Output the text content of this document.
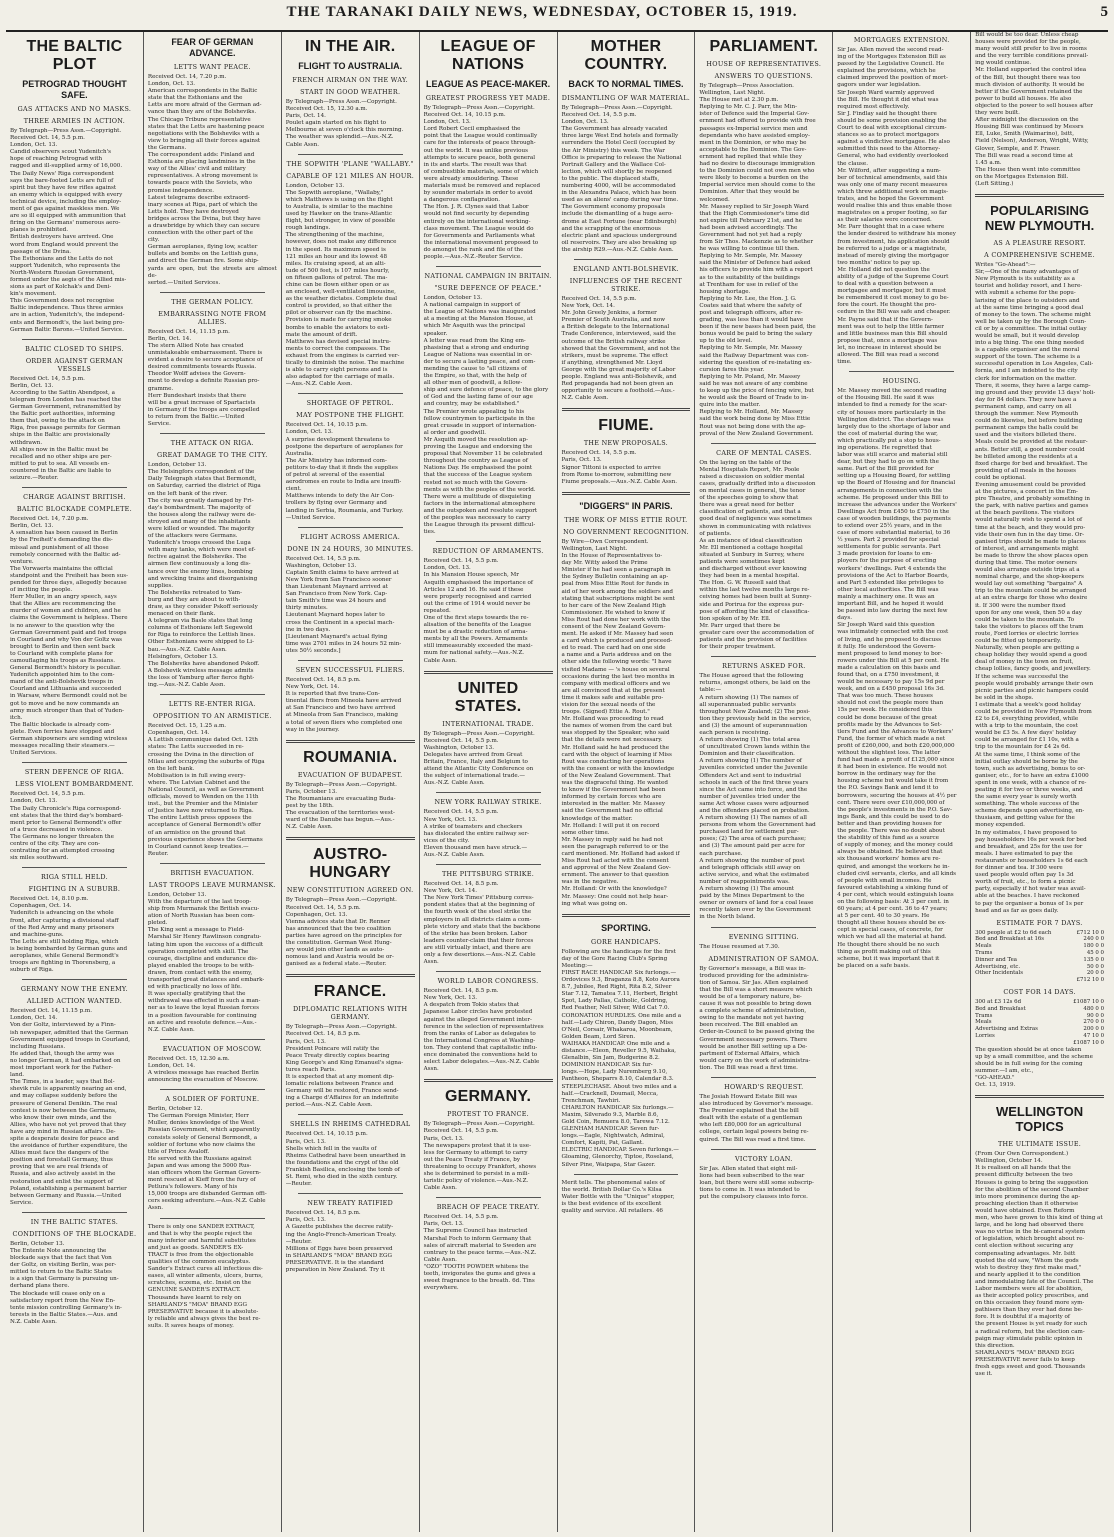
THE TARANAKI DAILY NEWS, WEDNESDAY, OCTOBER 15, 1919.	5
THE BALTIC PLOT
PETROGRAD THOUGHT SAFE.
GAS ATTACKS AND NO MASKS.
THREE ARMIES IN ACTION.
By Telegraph—Press Assn.—Copyright.
Received Oct. 14, 5.5 p.m.
London, Oct. 13.
Candid observers scout Yudenitch's
hope of reaching Petrograd with
ragged and ill-supplied army of 16,000.
The Daily News' Riga correspondent
says the bare-footed Letts are full of
spirit but they have few rifles against
an enemy which is equipped with every
technical device, including the employ-
ment of gas against maskless men. We
are so ill equipped with ammunition that
firing on the Germans' numerous aero-
planes is prohibited.
British destroyers have arrived. One
word from England would prevent the
passage of the Dvina.
The Esthonians and the Letts do not
support Yudenitch, who represents the
North-Western Russian Government,
formed under the aegis of the Allied mis-
sions as part of Kolchak's and Deni-
kin's movement.
This Government does not recognise
Baltic independence. Thus three armies
are in action, Yudenitch's, the independ-
ents and Bermondt's, the last being pro-
German Baltic Barons.—United Service.
BALTIC CLOSED TO SHIPS.
ORDER AGAINST GERMAN VESSELS
Received Oct. 14, 5.5 p.m.
Berlin, Oct. 13.
According to the Sattin Abendpost, a
telegram from London has reached the
German Government, retransmitted by
the Baltic port authorities, informing
them that, owing to the attack on
Riga, free passage permits for German
ships in the Baltic are provisionally
withdrawn.
All ships now in the Baltic must be
recalled and no other ships are per-
mitted to put to sea. All vessels en-
countered in the Baltic are liable to
seizure.—Reuter.
CHARGE AGAINST BRITISH.
BALTIC BLOCKADE COMPLETE.
Received Oct. 14, 7.20 p.m.
Berlin, Oct. 13.
A sensation has been caused in Berlin
by the Freiheit's demanding the dis-
missal and punishment of all those
remotely concerned with the Baltic ad-
venture.
The Vorwaerts maintains the official
standpoint and the Freiheit has been sus-
pended for three days, allegedly because
of inciting the people.
Herr Muller, in an angry speech, says
that the Allies are recommencing the
murder of women and children, and he
claims the Government is helpless. There
is no answer to the question why the
German Government paid and fed troops
in Courland and why Von der Goltz was
brought to Berlin and then sent back
to Courland with complete plans for
camouflaging his troops as Russians.
General Bermondt's history is peculiar.
Yudenitch appointed him to the com-
mand of the anti-Bolshevik troops in
Courland and Lithuania and succeeded
in Warsaw, where Bermondt could not be
got to move and he now commands an
army much stronger than that of Yuden-
itch.
The Baltic blockade is already com-
plete. Even ferries have stopped and
German shipowners are sending wireless
messages recalling their steamers.—
United Services.
STERN DEFENCE OF RIGA.
LESS VIOLENT BOMBARDMENT.
Received Oct. 14, 5.5 p.m.
London, Oct. 13.
The Daily Chronicle's Riga correspond-
ent states that the third day's bombard-
ment prior to General Bermondt's offer
of a truce decreased in violence.
The Germans no longer threaten the
centre of the city. They are con-
centrating for an attempted crossing
six miles southward.
RIGA STILL HELD.
FIGHTING IN A SUBURB.
Received Oct. 14, 8.10 p.m.
Copenhagen, Oct. 14.
Yudenitch is advancing on the whole
front, after capturing a divisional staff
of the Red Army and many prisoners
and machine-guns.
The Letts are still holding Riga, which
is being bombarded by German guns and
aeroplanes, while General Bermondt's
troops are fighting in Thorensberg, a
suburb of Riga.
GERMANY NOW THE ENEMY.
ALLIED ACTION WANTED.
Received Oct. 14, 11.15 p.m.
London, Oct. 14.
Von der Goltz, interviewed by a Finn-
ish newspaper, admitted that the German
Government equipped troops in Courland,
including Russians.
He added that, though the army was
no longer German, it had embarked on
most important work for the Father-
land.
The Times, in a leader, says that Bol-
shevik rule is apparently nearing an end,
and may collapse suddenly before the
pressure of General Denikin. The real
contest is now between the Germans,
who know their own minds, and the
Allies, who have not yet proved that they
have any mind in Russian affairs. De-
spite a desperate desire for peace and
the avoidance of further expenditure, the
Allies must face the dangers of the
position and forestall Germany, thus
proving that we are real friends of
Russia, and also actively assist in the
restoration and enlist the support of
Poland, establishing a permanent barrier
between Germany and Russia.—United
Service.
IN THE BALTIC STATES.
CONDITIONS OF THE BLOCKADE.
Berlin, October 13.
The Entente Note announcing the
blockade says that the fact that Von
der Goltz, on visiting Berlin, was per-
mitted to return to the Baltic States
is a sign that Germany is pursuing un-
derhand plans there.
The blockade will cease only on a
satisfactory report from the New En-
tente mission controlling Germany's in-
terests in the Baltic States.—Aus. and
N.Z. Cable Assn.
FEAR OF GERMAN ADVANCE.
LETTS WANT PEACE.
Received Oct. 14, 7.20 p.m.
London, Oct. 13.
American correspondents in the Baltic
state that the Esthonians and the
Letts are more afraid of the German ad-
vance than they are of the Bolsheviks.
The Chicago Tribune representative
states that the Letts are hastening peace
negotiations with the Bolsheviks with a
view to bringing all their forces against
the Germans.
The correspondent adds: Finland and
Esthonia are placing landmines in the
way of the Allies' civil and military
representatives. A strong movement is
towards peace with the Soviets, who
promise independence.
Latest telegrams describe extraord-
inary scenes at Riga, part of which the
Letts hold. They have destroyed
bridges across the Dvina, but they have
a drawbridge by which they can secure
connection with the other part of the
city.
German aeroplanes, flying low, scatter
bullets and bombs on the Lettish guns,
and direct the German fire. Some ship-
yards are open, but the streets are almost de-
serted.—United Services.
THE GERMAN POLICY.
EMBARRASSING NOTE FROM ALLIES.
Received Oct. 14, 11.15 p.m.
Berlin, Oct. 14.
The stern Allied Note has created
unmistakeable embarrassment. There is
evident a desire to secure acceptance of
desired commitments towards Russia.
Theodor Wolff advises the Govern-
ment to develop a definite Russian pro-
gramme.
Herr Bundeshart insists that there
will be a great increase of Spartacists
in Germany if the troops are compelled
to return from the Baltic.—United
Service.
THE ATTACK ON RIGA.
GREAT DAMAGE TO THE CITY.
London, October 13.
The Helsingfors correspondent of the
Daily Telegraph states that Bermondt,
on Saturday, carried the district of Riga
on the left bank of the river.
The city was greatly damaged by Fri-
day's bombardment. The majority of
the houses along the railway were de-
stroyed and many of the inhabitants
were killed or wounded. The majority
of the attackers were Germans.
Yudenitch's troops crossed the Luga
with many tanks, which were most ef-
fective against the Bolsheviks. The
airmen flew continuously a long dis-
tance over the enemy lines, bombing
and wrecking trains and disorganising
supplies.
The Bolsheviks retreated to Yam-
burg and they are about to with-
draw, as they consider Pskoff seriously
menaced on their flank.
A telegram via Basle states that long
columns of Esthonians left Segewold
for Riga to reinforce the Lettish lines.
Other Esthonians were shipped to Li-
bau.—Aus.-N.Z. Cable Assn.
Helsingfors, October 13.
The Bolsheviks have abandoned Pskoff.
A Bolshevik wireless message admits
the loss of Yamburg after fierce fight-
ing.—Aus.-N.Z. Cable Assn.
LETTS RE-ENTER RIGA.
OPPOSITION TO AN ARMISTICE.
Received Oct. 15, 1.25 a.m.
Copenhagen, Oct. 14.
A Lettish communique dated Oct. 12th
states: The Letts succeeded in re-
crossing the Dvina in the direction of
Milau and occupying the suburbs of Riga
on the left bank.
Mobilisation is in full swing every-
where. The Latvian Cabinet and the
National Council, as well as Government
officials, moved to Wenden on the 11th
inst., but the Premier and the Minister
of Justice have now returned to Riga.
The entire Lettish press opposes the
acceptance of General Bermondt's offer
of an armistice on the ground that
previous experience shows the Germans
in Courland cannot keep treaties.—
Reuter.
BRITISH EVACUATION.
LAST TROOPS LEAVE MURMANSK.
London, October 13.
With the departure of the last troop-
ship from Murmansk the British evacu-
ation of North Russian has been com-
pleted.
The King sent a message to Field-
Marshal Sir Henry Rawlinson congratu-
lating him upon the success of a difficult
operation completed with skill. The
courage, discipline and endurance dis-
played enabled the troops to be with-
drawn, from contact with the enemy,
transported great distances and embark-
ed with practically no loss of life.
It was specially gratifying that the
withdrawal was effected in such a man-
ner as to leave the loyal Russian forces
in a position favourable for continuing
an active and resolute defence.—Aus.-
N.Z. Cable Assn.
EVACUATION OF MOSCOW.
Received Oct. 15, 12.30 a.m.
London, Oct. 14.
A wireless message has reached Berlin
announcing the evacuation of Moscow.
A SOLDIER OF FORTUNE.
Berlin, October 12.
The German Foreign Minister, Herr
Muller, denies knowledge of the West
Russian Government, which apparently
consists solely of General Bermondt, a
soldier of fortune who now claims the
title of Prince Avaloff.
He served with the Russians against
Japan and was among the 5000 Rus-
sian officers whom the German Govern-
ment rescued at Kieff from the fury of
Petlura's followers. Many of his
15,000 troops are disbanded German offi-
cers seeking adventure.—Aus.-N.Z. Cable
Assn.
There is only one SANDER EXTRACT,
and that is why the people reject the
many inferior and harmful substitutes
and just as goods. SANDER'S EX-
TRACT is free from the objectionable
qualities of the common eucalyptus.
Sander's Extract cures all infectious dis-
eases, all winter ailments, ulcers, burns,
scratches, eczema, etc. Insist on the
GENUINE SANDER'S EXTRACT.
Thousands have learnt to rely on
SHARLAND'S "MOA" BRAND EGG
PRESERVATIVE because it is absolute-
ly reliable and always gives the best re-
sults. It saves heaps of money.
IN THE AIR.
FLIGHT TO AUSTRALIA.
FRENCH AIRMAN ON THE WAY.
START IN GOOD WEATHER.
By Telegraph—Press Assn.—Copyright.
Received Oct. 15, 12.30 a.m.
Paris, Oct. 14.
Poulet again started on his flight to
Melbourne at seven o'clock this morning.
The weather was splendid.—Aus.-N.Z.
Cable Assn.
THE SOPWITH 'PLANE "WALLABY."
CAPABLE OF 121 MILES AN HOUR.
London, October 13.
The Sopwith aeroplane, "Wallaby,"
which Matthews is using on the flight
to Australia, is similar to the machine
used by Hawker on the trans-Atlantic
flight, but stronger, in view of possible
rough landings.
The strengthening of the machine,
however, does not make any difference
in the speed. Its maximum speed is
121 miles an hour and its lowest 48
miles. Its cruising speed, at an alti-
tude of 500 feet, is 107 miles hourly,
on fifteen gallons of petrol. The ma-
chine can be flown either open or as
an enclosed, well-ventilated limousine,
as the weather dictates. Complete dual
control is provided, so that either the
pilot or observer can fly the machine.
Provision is made for carrying smoke
bombs to enable the aviators to esti-
mate the amount of drift.
Matthews has devised special instru-
ments to correct the compasses. The
exhaust from the engines is carried ver-
tically to diminish the noise. The machine
is able to carry eight persons and is
also adapted for the carriage of mails.
—Aus.-N.Z. Cable Assn.
SHORTAGE OF PETROL.
MAY POSTPONE THE FLIGHT.
Received Oct. 14, 10.15 p.m.
London, Oct. 13.
A surprise development threatens to
postpone the departure of aeroplanes for
Australia.
The Air Ministry has informed com-
petitors to-day that it finds the supplies
of petrol at several of the essential
aerodromes en route to India are insuffi-
cient.
Matthews intends to defy the Air Con-
trollers by flying over Germany and
landing in Serbia, Roumania, and Turkey.
—United Service.
FLIGHT ACROSS AMERICA.
DONE IN 24 HOURS, 30 MINUTES.
Received Oct. 14, 5.5 p.m.
Washington, October 13.
Captain Smith claims to have arrived at
New York from San Francisco sooner
than Lieutenant Maynard arrived at
San Francisco from New York. Cap-
tain Smith's time was 24 hours and
thirty minutes.
Lieutenant Maynard hopes later to
cross the Continent in a special mach-
ine in two days.
[Lieutenant Maynard's actual flying
time was 2701 miles in 24 hours 52 min-
utes 50½ seconds.]
SEVEN SUCCESSFUL FLIERS.
Received Oct. 14, 8.5 p.m.
New York, Oct. 14.
It is reported that five trans-Con-
tinental fliers from Mineola have arrived
at San Francisco and two have arrived
at Mineola from San Francisco, making
a total of seven fliers who completed one
way in the journey.
ROUMANIA.
EVACUATION OF BUDAPEST.
By Telegraph—Press Assn.—Copyright.
Paris, October 13.
The Roumanians are evacuating Buda-
pest by the 18th.
The evacuation of the territories west-
ward of the Danube has begun.—Aus.-
N.Z. Cable Assn.
AUSTRO-HUNGARY
NEW CONSTITUTION AGREED ON.
By Telegraph—Press Assn.—Copyright.
Received Oct. 14, 5.5 p.m.
Copenhagen, Oct. 13.
Vienna advices state that Dr. Renner
has announced that the two coalition
parties have agreed on the principles for
the constitution. German West Hung-
ary would join other lands as auto-
nomous land and Austria would be or-
ganised as a federal state.—Reuter.
FRANCE.
DIPLOMATIC RELATIONS WITH GERMANY.
By Telegraph—Press Assn.—Copyright.
Received Oct. 14, 8.5 p.m.
Paris, Oct. 13.
President Poincare will ratify the
Peace Treaty directly copies bearing
King George's and King Emanuel's signa-
tures reach Paris.
It is expected that at any moment dip-
lomatic relations between France and
Germany will be restored, France send-
ing a Charge d'Affaires for an indefinite
period.—Aus.-N.Z. Cable Assn.
SHELLS IN RHEIMS CATHEDRAL
Received Oct. 14, 10.15 p.m.
Paris, Oct. 13.
Shells which fell in the vaults of
Rheims Cathedral have been unearthed in
the foundations and the crypt of the old
Frankish Basilica, enclosing the tomb of
St. Remi, who died in the sixth century.
—Reuter.
NEW TREATY RATIFIED
Received Oct. 14, 8.5 p.m.
Paris, Oct. 13.
A Gazette publishes the decree ratify-
ing the Anglo-French-American Treaty.
—Reuter.
Millions of Eggs have been preserved
in SHARLAND'S "MOA" BRAND EGG
PRESERVATIVE. It is the standard
preparation in New Zealand. Try it
LEAGUE OF NATIONS
LEAGUE AS PEACE-MAKER.
GREATEST PROGRESS YET MADE.
By Telegraph—Press Assn.—Copyright.
Received Oct. 14, 10.15 p.m.
London, Oct. 13.
Lord Robert Cecil emphasised the
point that the League would continually
care for the interests of peace through-
out the world. It was unlike previous
attempts to secure peace, both general
in its and starts. The result was that
of combustible materials, some of which
were already smouldering. These
materials must be removed and replaced
by sounder materials in order to avoid
a dangerous conflagration.
The Hon. J. R. Clynes said that Labor
would not find security by depending
entirely on the international working-
class movement. The League would do
for Governments and Parliaments what
the international movement proposed to
do amongst the rank and file of the
people.—Aus.-N.Z.-Reuter Service.
NATIONAL CAMPAIGN IN BRITAIN.
"SURE DEFENCE OF PEACE."
London, October 13.
A national campaign in support of
the League of Nations was inaugurated
at a meeting at the Mansion House, at
which Mr Asquith was the principal
speaker.
A letter was read from the King em-
phasising that a strong and enduring
League of Nations was essential in or-
der to secure a lasting peace, and com-
mending the cause to "all citizens of
the Empire, so that, with the help of
all other men of goodwill, a fellow-
ship and sure defence of peace, to the glory
of God and the lasting fame of our age
and country, may be established."
The Premier wrote appealing to his
fellow countrymen to participate in the
great crusade in support of internation-
al order and goodwill.
Mr Asquith moved the resolution ap-
proving the League and endorsing the
proposal that November 11 be celebrated
throughout the country as League of
Nations Day. He emphasised the point
that the success of the League system
rested not so much with the Govern-
ments as with the peoples of the world.
There were a multitude of disquieting
factors in the international atmosphere
and the outspoken and resolute support
of the peoples was necessary to carry
the League through its present difficul-
ties.
REDUCTION OF ARMAMENTS.
Received Oct. 14, 5.5 p.m.
London, Oct. 13.
In his Mansion House speech, Mr
Asquith emphasised the importance of
Articles 12 and 16. He said if these
were properly recognised and carried
out the crime of 1914 would never be
repeated.
One of the first steps towards the re-
alisation of the benefits of the League
must be a drastic reduction of arma-
ments by all the Powers. Armaments
still immeasurably exceeded the maxi-
mum for national safety.—Aus.-N.Z.
Cable Assn.
UNITED STATES.
INTERNATIONAL TRADE.
By Telegraph—Press Assn.—Copyright.
Received Oct. 14, 5.5 p.m.
Washington, October 13.
Delegates have arrived from Great
Britain, France, Italy and Belgium to
attend the Atlantic City Conference on
the subject of international trade.—
Aus.-N.Z. Cable Assn.
NEW YORK RAILWAY STRIKE.
Received Oct. 14, 5.5 p.m.
New York, Oct. 13.
A strike of teamsters and checkers
has dislocated the entire railway ser-
vices of the city.
Eleven thousand men have struck.—
Aus.-N.Z. Cable Assn.
THE PITTSBURG STRIKE.
Received Oct. 14, 8.5 p.m.
New York, Oct. 14.
The New York Times' Pittsburg corres-
pondent states that at the beginning of
the fourth week of the steel strike the
employers in all districts claim a com-
plete victory and state that the backbone
of the strike has been broken. Labor
leaders counter-claim that their forces
are still virtually intact, and there are
only a few desertions.—Aus.-N.Z. Cable
Assn.
WORLD LABOR CONGRESS.
Received Oct. 14, 8.5 p.m.
New York, Oct. 13.
A despatch from Tokio states that
Japanese Labor circles have protested
against the alleged Government inter-
ference in the selection of representatives
from the ranks of Labor as delegates to
the International Congress at Washing-
ton. They contend that capitalistic influ-
ence dominated the conventions held to
select Labor delegates.—Aus.-N.Z. Cable
Assn.
GERMANY.
PROTEST TO FRANCE.
By Telegraph—Press Assn.—Copyright.
Received Oct. 14, 5.5 p.m.
Paris, Oct. 13.
The newspapers protest that it is use-
less for Germany to attempt to carry
out the Peace Treaty if France, by
threatening to occupy Frankfort, shows
she is determined to persist in a mili-
taristic policy of violence.—Aus.-N.Z.
Cable Assn.
BREACH OF PEACE TREATY.
Received Oct. 14, 5.5 p.m.
Paris, Oct. 13.
The Supreme Council has instructed
Marshal Foch to inform Germany that
sales of aircraft material to Sweden are
contrary to the peace terms.—Aus.-N.Z.
Cable Assn.
"OZO" TOOTH POWDER whitens the
teeth, invigorates the gums and gives a
sweet fragrance to the breath. 6d. Tins
everywhere.
MOTHER COUNTRY.
BACK TO NORMAL TIMES.
DISMANTLING OF WAR MATERIAL.
By Telegraph—Press Assn.—Copyright.
Received Oct. 14, 5.5 p.m.
London, Oct. 13.
The Government has already vacated
three large West End hotels and formally
surrenders the Hotel Cecil (occupied by
the Air Ministry) this week. The War
Office is preparing to release the National
Portrait Gallery and the Wallace Col-
lection, which will shortly be reopened
to the public. The displaced staffs,
numbering 4000, will be accommodated
in the Alexandra Palace, which has been
used as an aliens' camp during war time.
The Government economy proposals
include the dismantling of a huge aero-
drome at East Fortune (near Edinburgh)
and the scrapping of the enormous
electric plant and spacious underground
oil reservoirs. They are also breaking up
the airship R29.—Aus.-N.Z. Cable Assn.
ENGLAND ANTI-BOLSHEVIK.
INFLUENCES OF THE RECENT STRIKE.
Received Oct. 14, 5.5 p.m.
New York, Oct. 14.
Mr. John Greely Jenkins, a former
Premier of South Australia, and now
a British delegate to the International
Trade Conference, interviewed, said the
outcome of the British railway strike
showed that the Government, and not the
strikers, must be supreme. The effect
if anything, strengthened Mr. Lloyd
George with the great majority of Labor
people. England was anti-Bolshevik, and
Red propaganda had not been given an
opportunity to secure a foothold.—Aus.-
N.Z. Cable Assn.
FIUME.
THE NEW PROPOSALS.
Received Oct. 14, 5.5 p.m.
Paris, Oct. 13.
Signor Tittoni is expected to arrive
from Rome to-morrow, submitting new
Fiume proposals.—Aus.-N.Z. Cable Assn.
"DIGGERS" IN PARIS.
THE WORK OF MISS ETTIE ROUT.
NO GOVERNMENT RECOGNITION.
By Wire—Own Correspondent.
Wellington, Last Night.
In the House of Representatives to-
day Mr. Witty asked the Prime
Minister if he had seen a paragraph in
the Sydney Bulletin containing an ap-
peal from Miss Ettie Rout for funds in
aid of her work among the soldiers and
stating that subscriptions might be sent
to her care of the New Zealand High
Commissioner. He wished to know if
Miss Rout had done her work with the
consent of the New Zealand Govern-
ment. He asked if Mr. Massey had seen
a card which is produced and proceed-
ed to read. The card had on one side
a name and a Paris address and on the
other side the following words: "I have
visited Madame — 's house on several
occasions during the last two months in
company with medical officers and we
are all convinced that at the present
time it makes safe and suitable pro-
vision for the sexual needs of the
troops. (Signed) Ettie A. Rout."
Mr. Holland was proceeding to read
the names of women from the card but
was stopped by the Speaker, who said
that the details were not necessary.
Mr. Holland said he had produced the
card with the object of learning if Miss
Rout was conducting her operations
with the consent or with the knowledge
of the New Zealand Government. That
was the disgraceful thing. He wanted
to know if the Government had been
informed by certain forces who are
interested in the matter. Mr. Massey
said the Government had no official
knowledge of the matter.
Mr. Holland: I will put it on record
some other time.
Mr. Massey in reply said he had not
seen the paragraph referred to or the
card mentioned. Mr. Holland had asked if
Miss Rout had acted with the consent
and approval of the New Zealand Gov-
ernment. The answer to that question
was in the negative.
Mr. Holland: Or with the knowledge?
Mr. Massey: One could not help hear-
ing what was going on.
SPORTING.
GORE HANDICAPS.
Following are the handicaps for the first
day of the Gore Racing Club's Spring
Meeting:—
FIRST RACE HANDICAP. Six furlongs.—
Ordovices 9.3, Braganza 8.8, Koto Aurora
8.7, Jubilee, Red Right, Rita 8.2, Silver
Star 7.12, Tamatea 7.11, Herbert, Bright
Spot, Lady Pallas, Catholic, Goldring,
Red Feather, Nell Silver, Wild Cat 7.0.
CORONATION HURDLES. One mile and a
half.—Lady Chiron, Dandy Dagon, Miss
O'Neil, Corsair, Whakaroa, Moonbeam,
Golden Beam, Lord Siren.
WAIHAKA HANDICAP. One mile and a
distance.—Eleon, Reveller 9.5, Waihaka,
Glenalbin, Sin Jam, Budgerine 8.2.
DOMINION HANDICAP. Six fur-
longs.—Hope, Lady Nuremberg 9.10,
Pantheon, Sheparrs 8.10, Calendar 8.3.
STEEPLECHASE. About two miles and a
half.—Cracknell, Doumail, Mecca,
Trenchman, Tawhiri.
CHARLTON HANDICAP. Six furlongs.—
Maxim, Silverado 9.3, Marble 8.6,
Gold Coin, Remuera 8.0, Tarewa 7.12.
GLENHAM HANDICAP. Seven fur-
longs.—Eagle, Nightwatch, Admiral,
Comfort, Kapiti, Pat, Gallant.
ELECTRIC HANDICAP. Seven furlongs.—
Gloaming, Glenorchy, Tiptoe, Roseland,
Silver Pine, Waipapa, Star Gazer.
Merit tells. The phenomenal sales of
the world. British Dollar Co.'s Kilsa
Water Bottle with the "Unique" stopper,
is the best evidence of its excellent
quality and service. All retailers. 46
PARLIAMENT.
HOUSE OF REPRESENTATIVES.
ANSWERS TO QUESTIONS.
By Telegraph—Press Association.
Wellington, Last Night.
The House met at 2.30 p.m.
Replying to Mr. C. J. Parr, the Min-
ister of Defence said the Imperial Gov-
ernment had offered to provide with free
passages ex-Imperial service men and
dependants who have assisted employ-
ment in the Dominion, or who may be
acceptable to the Dominion. The Gov-
ernment had replied that while they
had no desire to discourage immigration
to the Dominion could not own men who
were likely to become a burden on the
Imperial service men should come to the
Dominion. After that they would be
welcomed.
Mr. Massey replied to Sir Joseph Ward
that the High Commissioner's time did
not expire till February 21st, and he
had been advised accordingly. The
Government had not yet had a reply
from Sir Thos. Mackenzie as to whether
he was willing to continue till then.
Replying to Mr. Semple, Mr. Massey
said the Minister of Defence had asked
his officers to provide him with a report
as to the suitability of the buildings
at Trentham for use in relief of the
housing shortage.
Replying to Mr. Lee, the Hon. J. G.
Coates said that where the safety of
post and telegraph officers, after re-
grading, was less than it would have
been if the new bases had been paid, the
bonus would be paid to bring the salary
up to the old level.
Replying to Mr. Semple, Mr. Massey
said the Railway Department was con-
sidering the question of re-instating ex-
cursion fares this year.
Replying to Mr. Poland, Mr. Massey
said he was not aware of any combine
to keep up the price of fencing wire, but
he would ask the Board of Trade to in-
quire into the matter.
Replying to Mr. Holland, Mr. Massey
said the work being done by Miss Ettie
Rout was not being done with the ap-
proval of the New Zealand Government.
CARE OF MENTAL CASES.
On the laying on the table of the
Mental Hospitals Report, Mr. Poole
raised a discussion on soldier mental
cases, gradually drifted into a discussion
on mental cases in general, the tenor
of the speeches going to show that
there was a great need for better
classification of patients, and that a
good deal of negligence was sometimes
shown in communicating with relatives
of patients.
As an instance of ideal classification
Mr. Ell mentioned a cottage hospital
situated at Sunbury in Surrey, where
patients were sometimes kept
and discharged without ever knowing
they had been in a mental hospital.
The Hon. G. W. Russell said that
within the last twelve months large re-
ceiving homes had been built at Sunny-
side and Porirua for the express pur-
pose of affording the kind of classifica-
tion spoken of by Mr. Ell.
Mr. Parr urged that there be
greater care over the accommodation of
patients and the provision of facilities
for their proper treatment.
RETURNS ASKED FOR.
The House agreed that the following
returns, amongst others, be laid on the
table:—
A return showing (1) The names of
all superannuated public servants
throughout New Zealand; (2) The posi-
tion they previously held in the service,
and (3) the amount of superannuation
each person is receiving.
A return showing (1) The total area
of uncultivated Crown lands within the
Dominion and their classification.
A return showing (1) The number of
juveniles convicted under the Juvenile
Offenders Act and sent to industrial
schools in each of the first three years
since the Act came into force, and the
number of juveniles tried under the
same Act whose cases were adjourned
and the offenders placed on probation.
A return showing (1) The names of all
persons from whom the Government had
purchased land for settlement pur-
poses; (2) The area of each purchase;
and (3) The amount paid per acre for
each purchase.
A return showing the number of post
and telegraph officials still away on
active service, and what the estimated
number of reappointments was.
A return showing (1) The amount
paid by the Mines Department to the
owner or owners of land for a coal lease
recently taken over by the Government
in the North Island.
EVENING SITTING.
The House resumed at 7.30.
ADMINISTRATION OF SAMOA.
By Governor's message, a Bill was in-
troduced providing for the administra-
tion of Samoa. Sir Jas. Allen explained
that the Bill was a short measure which
would be of a temporary nature, be-
cause it was not possible to bring down
a complete scheme of administration,
owing to the mandate not yet having
been received. The Bill enabled an
Order-in-Council to be passed giving the
Government necessary powers. There
would be another Bill setting up a De-
partment of External Affairs, which
would carry on the work of administra-
tion. The Bill was read a first time.
HOWARD'S REQUEST.
The Josiah Howard Estate Bill was
also introduced by Governor's message.
The Premier explained that the bill
dealt with the estate of a gentleman
who left £80,000 for an agricultural
college, certain legal powers being re-
quired. The Bill was read a first time.
VICTORY LOAN.
Sir Jas. Allen stated that eight mil-
lions had been subscribed to the war
loan, but there were still some subscrip-
tions to come in. It was intended to
put the compulsory clauses into force.
MORTGAGES EXTENSION.
Sir Jas. Allen moved the second read-
ing of the Mortgages Extension Bill as
passed by the Legislative Council. He
explained the provisions, which he
claimed improved the position of mort-
gagors under war legislation.
Sir Joseph Ward warmly approved
the Bill. He thought it did what was
required most effectively.
Sir J. Findlay said he thought there
should be some provision enabling the
Court to deal with exceptional circum-
stances so as to protect mortgagors
against a vindictive mortgagee. He also
submitted this need to the Attorney-
General, who had evidently overlooked
the clause.
Mr. Wilford, after suggesting a num-
ber of technical amendments, said this
was only one of many recent measures
which threw additional work on magis-
trates, and he hoped the Government
would realise this and thus enable those
magistrates on a proper footing, so far
as their salaries were concerned.
Mr. Parr thought that in a case where
the lender desired to withdraw his money
from investment, his application should
be referred to a judge or a magistrate,
instead of merely giving the mortgagor
two months' notice to pay up.
Mr. Holland did not question the
ability of a judge of the Supreme Court
to deal with a question between a
mortgagee and mortgagor, but it must
be remembered it cost money to go be-
fore the court. He thought the pro-
cedure in the Bill was safe and cheaper.
Mr. Payne said that if the Govern-
ment was out to help the little farmer
and little business man this Bill should
propose that, once a mortgage was
let, no increase in interest should be
allowed. The Bill was read a second
time.
HOUSING.
Mr. Massey moved the second reading
of the Housing Bill. He said it was
intended to find a remedy for the scar-
city of houses more particularly in the
Wellington district. The shortage was
largely due to the shortage of labor and
the cost of material during the war,
which practically put a stop to hous-
ing operations. He regretted that
labor was still scarce and material still
dear, but they had to go on with the
same. Part of the Bill provided for
setting up a Housing Board, for settling
up the Board of Housing and for financial
arrangements in connection with the
scheme. He proposed under this Bill to
increase the advances under the Workers'
Dwellings Act from £450 to £750 in the
case of wooden buildings, the payments
to extend over 25½ years, and in the
case of more substantial material, to 36
½ years. Part 2 provided for special
settlements for public servants. Part
3 made provision for loans to em-
ployers for the purpose of erecting
workers' dwellings. Part 4 extends the
provisions of the Act to Harbor Boards,
and Part 5 extended like privileges to
other local authorities. The Bill was
mainly a machinery one. It was an
important Bill, and he hoped it would
be passed into law during the next few
days.
Sir Joseph Ward said this question
was intimately connected with the cost
of living, and he proposed to discuss
it fully. He understood the Govern-
ment proposed to lend money to bor-
rowers under this Bill at 5 per cent. He
made a calculation on this basis and
found that, on a £750 investment, it
would be necessary to pay 15s 9d per
week, and on a £450 proposal 16s 3d.
That was too much. These houses
should not cost the people more than
15s per week. He considered this
could be done because of the great
profits made by the Advances to Set-
tlers Fund and the Advances to Workers'
Fund, the former of which made a net
profit of £260,000, and both £20,000,000
without the slightest loss. The latter
fund had made a profit of £125,000 since
it had been in existence. He would not
borrow in the ordinary way for the
housing scheme but would take it from
the P.O. Savings Bank and lend it to
borrowers, securing the houses at 4½ per
cent. There were over £10,000,000 of
the people's investments in the P.O. Sav-
ings Bank, and this could be used to do
better and than providing houses for
the people. There was no doubt about
the stability of this fund as a source
of supply of money, and the money could
always be obtained. He believed that
six thousand workers' homes are re-
quired, and amongst the workers he in-
cluded civil servants, clerks, and all kinds
of people with small incomes. He
favoured establishing a sinking fund of
4 per cent, which would extinguish loans
on the following basis: At 3 per cent. in
60 years; at 4 per cent. 36 to 47 years;
at 5 per cent. 40 to 30 years. He
thought all these houses should be ex-
cept in special cases, of concrete, for
which we had all the material at hand.
He thought there should be no such
thing as profit making out of this
scheme, but it was important that it
be placed on a safe basis.
Bill would be too dear. Unless cheap
houses were provided for the people,
many would still prefer to live in rooms
and the very terrible conditions prevail-
ing would continue.
Mr. Holland supported the control idea
of the Bill, but thought there was too
much division of authority. It would be
better if the Government retained the
power to build all houses. He also
objected to the power to sell houses after
they were built.
After midnight the discussion on the
Housing Bill was continued by Messrs
Ell, Luke, Smith (Waimarino), Isitt,
Field (Nelson), Anderson, Wright, Witty,
Glover, Semple, and F. Fraser.
The Bill was read a second time at
1.45 a.m.
The House then went into committee
on the Mortgages Extension Bill.
(Left Sitting.)
POPULARISING NEW PLYMOUTH.
AS A PLEASURE RESORT.
A COMPREHENSIVE SCHEME.
Writes "Go-Ahead":—
Sir,—One of the many advantages of
New Plymouth is its suitability as a
tourist and holiday resort, and I here-
with submit a scheme for the popu-
larising of the place to outsiders and
at the same time bringing a good deal
of money to the town. The scheme might
well be taken up by the Borough Coun-
cil or by a committee. The initial outlay
would be small, but it would develop
into a big thing. The one thing needed
is a capable organiser and the moral
support of the town. The scheme is a
successful operation in Los Angeles, Cali-
fornia, and I am indebted to the city
clerk for information on the matter.
There, it seems, they have a large camp-
ing ground and they provide 13 days' holi-
day for 84 dollars. They now have a
permanent camp, and carry on all
through the summer. New Plymouth
could do likewise, but before building
permanent camps the halls could be
used and the visitors billeted there.
Meals could be provided at the restaur-
ants. Better still, a good number could
be billeted among the residents at a
fixed charge for bed and breakfast. The
providing of all meals in the houses
could be optional.
Evening amusement could be provided
at the pictures, a concert in the Em-
pire Theatre, and probably something in
the park, with native parties and games
at the beach pavilions. The visitors
would naturally wish to spend a lot of
time at the beach, and they would pro-
vide their own fun in the day time. Or-
ganised trips should be made to places
of interest, and arrangements might
be made to throw the show places open
during that time. The motor owners
would also arrange outside trips at a
nominal charge, and the shop-keepers
would lay out something "bargains" A
trip to the mountain could be arranged
at an extra charge for those who desire
it. If 300 were the number fixed
upon for any one week, then 50 a day
could be taken to the mountain. To
take the visitors to places off the tram
route, Ford lorries or electric lorries
could be fitted up temporarily.
Naturally, when people are getting a
cheap holiday they would spend a good
deal of money in the town on fruit,
cheap lollies, fancy goods, and jewellery.
If the scheme was successful the
people would probably arrange their own
picnic parties and picnic hampers could
be sold in the shops.
I estimate that a week's good holiday
could be provided in New Plymouth from
£2 to £4, everything provided, while
with a trip to the mountain, the cost
would be £3 5s. A few days' holiday
could be arranged for £1 10s, with a
trip to the mountain for £4 2s 6d.
At the same time, I think some of the
initial outlay should be borne by the
town, such as advertising, bonus to or-
ganiser, etc., for to have an extra £1000
spent in one week, with a chance of re-
peating it for two or three weeks, and
the same every year is surely worth
something. The whole success of the
scheme depends upon advertising, en-
thusiasm, and getting value for the
money expended.
In my estimates, I have proposed to
pay householders 16s per week for bed
and breakfast, and 25s for the use for
meals. I have estimated to pay the
restaurants or householders 1s 6d each
for dinner and tea. If 300 were
used people would often pay 1s 3d
worth of fruit, etc., to form a picnic
party, especially if hot water was avail-
able at the beaches. I have reckoned
to pay the organiser a bonus of 1s per
head and as far as goes daily.
ESTIMATE FOR 7 DAYS.
300 people at £2 to 6d each	£712 10 0
Bed and Breakfast at 16s	240 0 0
Meals	180 0 0
Trams	45 0 0
Dinner and Tea	135 0 0
Advertising, etc.	50 0 0
Other Incidentals	20 0 0
£712 10 0
COST FOR 14 DAYS.
300 at £3 12s 6d	£1087 10 0
Bed and Breakfast	480 0 0
Trams	90 0 0
Meals	270 0 0
Advertising and Extras	200 0 0
Lorries	47 10 0
£1087 10 0
The question should be at once taken
up by a small committee, and the scheme
should be in full swing for the coming
summer.—I am, etc.,
"GO-AHEAD."
Oct. 13, 1919.
WELLINGTON TOPICS
THE ULTIMATE ISSUE.
(From Our Own Correspondent.)
Wellington, October 14.
It is realised on all hands that the
present difficulty between the two
Houses is going to bring the suggestion
for the abolition of the second Chamber
into more prominence during the ap-
proaching election than it otherwise
would have obtained. Even Reform
men, who have grown to this kind of thing at
large, and he long had observed there
was no virtue in the bi-cameral system
of legislation, which brought about re-
cent election without securing any
compensating advantages. Mr. Isitt
quoted the old saw, "Whom the gods
wish to destroy they first make mad,"
and nearly applied it to the condition
and inmodulating fate of the Council. The
Labor members were all for abolition,
as their accepted policy prescribes, and
on this occasion they found more sym-
pathisers than they ever had done be-
fore. It is doubtful if a majority of
the present House is yet ready for such
a radical reform, but the election cam-
paign may stimulate public opinion in
this direction.
SHARLAND'S "MOA" BRAND EGG
PRESERVATIVE never fails to keep
fresh eggs sweet and good. Thousands
use it.
